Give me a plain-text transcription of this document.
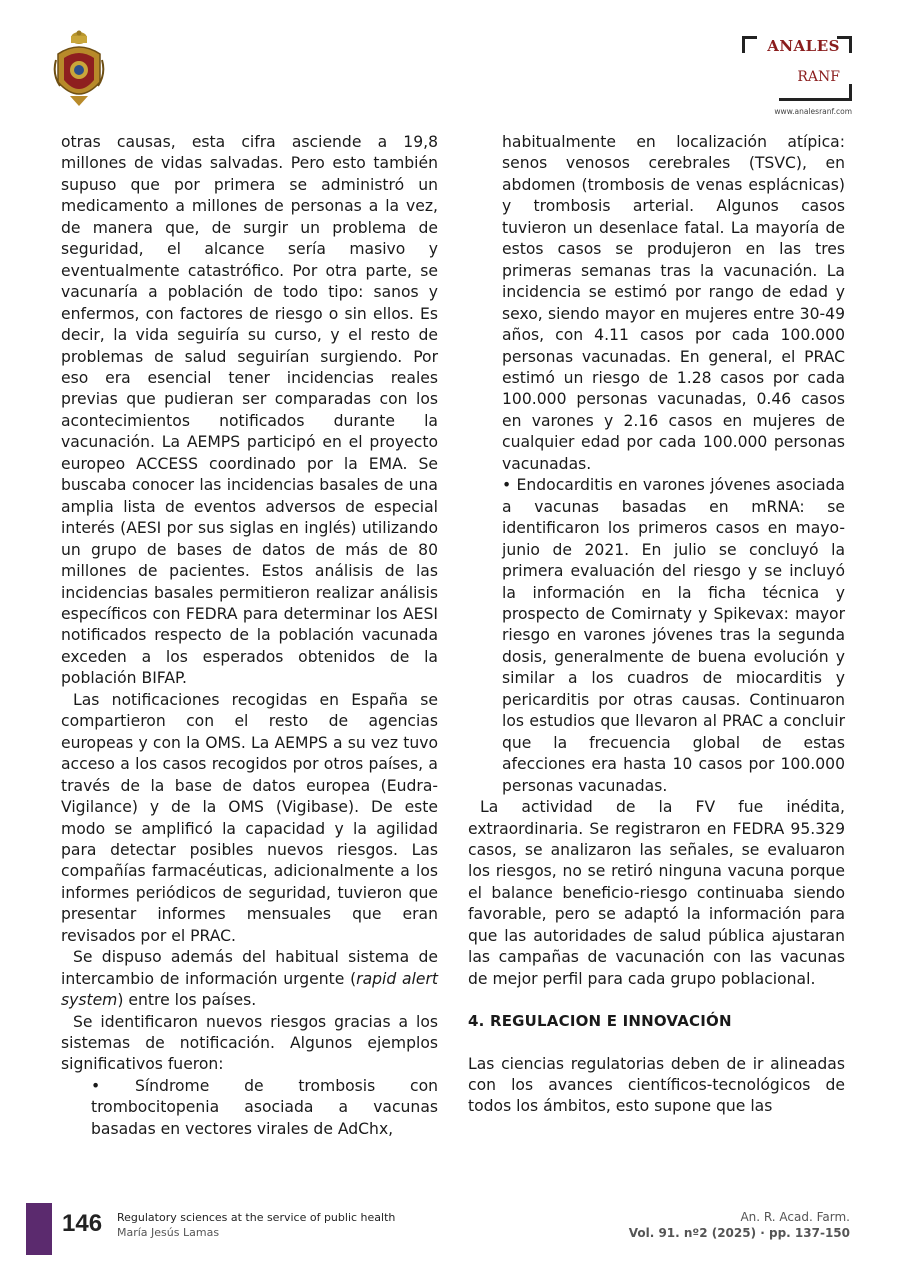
ANALES
RANF
www.analesranf.com

otras causas, esta cifra asciende a 19,8 millones de vidas salvadas. Pero esto también supuso que por primera se administró un medicamento a millones de personas a la vez, de manera que, de surgir un problema de seguridad, el alcance sería masivo y eventualmente catastrófico. Por otra parte, se vacunaría a población de todo tipo: sanos y enfermos, con factores de riesgo o sin ellos. Es decir, la vida seguiría su curso, y el resto de problemas de salud seguirían surgiendo. Por eso era esencial tener incidencias reales previas que pudieran ser comparadas con los acontecimientos notificados durante la vacunación. La AEMPS participó en el proyecto europeo ACCESS coordinado por la EMA. Se buscaba conocer las incidencias basales de una amplia lista de eventos adversos de especial interés (AESI por sus siglas en inglés) utilizando un grupo de bases de datos de más de 80 millones de pacientes. Estos análisis de las incidencias basales permitieron realizar análisis específicos con FEDRA para determinar los AESI notificados respecto de la población vacunada exceden a los esperados obtenidos de la población BIFAP.

Las notificaciones recogidas en España se compartieron con el resto de agencias europeas y con la OMS. La AEMPS a su vez tuvo acceso a los casos recogidos por otros países, a través de la base de datos europea (Eudra-Vigilance) y de la OMS (Vigibase). De este modo se amplificó la capacidad y la agilidad para detectar posibles nuevos riesgos. Las compañías farmacéuticas, adicionalmente a los informes periódicos de seguridad, tuvieron que presentar informes mensuales que eran revisados por el PRAC.

Se dispuso además del habitual sistema de intercambio de información urgente (rapid alert system) entre los países.

Se identificaron nuevos riesgos gracias a los sistemas de notificación. Algunos ejemplos significativos fueron:

• Síndrome de trombosis con trombocitopenia asociada a vacunas basadas en vectores virales de AdChx,

habitualmente en localización atípica: senos venosos cerebrales (TSVC), en abdomen (trombosis de venas esplácnicas) y trombosis arterial. Algunos casos tuvieron un desenlace fatal. La mayoría de estos casos se produjeron en las tres primeras semanas tras la vacunación. La incidencia se estimó por rango de edad y sexo, siendo mayor en mujeres entre 30-49 años, con 4.11 casos por cada 100.000 personas vacunadas. En general, el PRAC estimó un riesgo de 1.28 casos por cada 100.000 personas vacunadas, 0.46 casos en varones y 2.16 casos en mujeres de cualquier edad por cada 100.000 personas vacunadas.

• Endocarditis en varones jóvenes asociada a vacunas basadas en mRNA: se identificaron los primeros casos en mayo-junio de 2021. En julio se concluyó la primera evaluación del riesgo y se incluyó la información en la ficha técnica y prospecto de Comirnaty y Spikevax: mayor riesgo en varones jóvenes tras la segunda dosis, generalmente de buena evolución y similar a los cuadros de miocarditis y pericarditis por otras causas. Continuaron los estudios que llevaron al PRAC a concluir que la frecuencia global de estas afecciones era hasta 10 casos por 100.000 personas vacunadas.

La actividad de la FV fue inédita, extraordinaria. Se registraron en FEDRA 95.329 casos, se analizaron las señales, se evaluaron los riesgos, no se retiró ninguna vacuna porque el balance beneficio-riesgo continuaba siendo favorable, pero se adaptó la información para que las autoridades de salud pública ajustaran las campañas de vacunación con las vacunas de mejor perfil para cada grupo poblacional.

4. REGULACION E INNOVACIÓN

Las ciencias regulatorias deben de ir alineadas con los avances científicos-tecnológicos de todos los ámbitos, esto supone que las

146 Regulatory sciences at the service of public health
María Jesús Lamas
An. R. Acad. Farm.
Vol. 91. nº2 (2025) · pp. 137-150
